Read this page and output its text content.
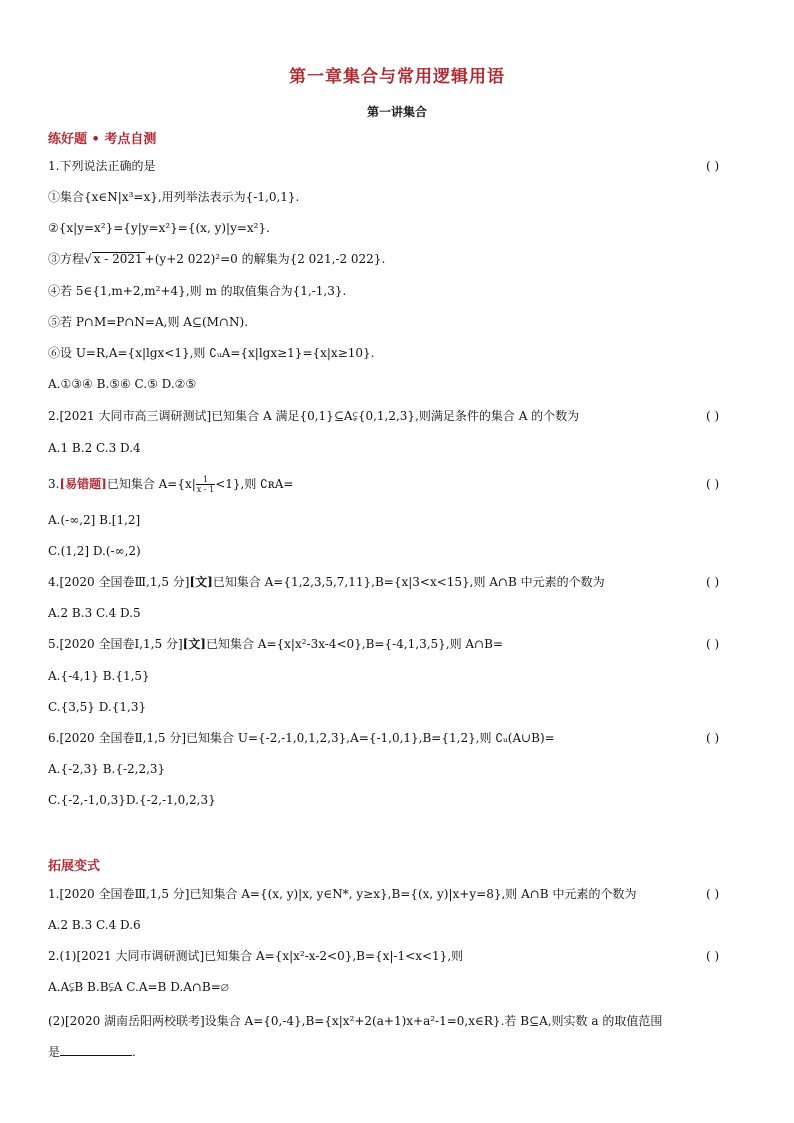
第一章集合与常用逻辑用语
第一讲集合
练好题 • 考点自测
1.下列说法正确的是	( )
①集合{x∈N|x³=x},用列举法表示为{-1,0,1}.
②{x|y=x²}={y|y=x²}={(x, y)|y=x²}.
③方程√ x - 2021 +(y+2 022)²=0 的解集为{2 021,-2 022}.
④若 5∈{1,m+2,m²+4},则 m 的取值集合为{1,-1,3}.
⑤若 P∩M=P∩N=A,则 A⊆(M∩N).
⑥设 U=R,A={x|lgx<1},则 ∁ᵤA={x|lgx≥1}={x|x≥10}.
A.①③④ B.⑤⑥ C.⑤ D.②⑤
2.[2021 大同市高三调研测试]已知集合 A 满足{0,1}⊆A⫋{0,1,2,3},则满足条件的集合 A 的个数为	( )
A.1 B.2 C.3 D.4
3.[易错题]已知集合 $A=\{x| \frac{1}{x - 1} <1\}$,则 ∁ʀA=	( )
A.(-∞,2] B.[1,2]
C.(1,2] D.(-∞,2)
4.[2020 全国卷Ⅲ,1,5 分][文]已知集合 A={1,2,3,5,7,11},B={x|3<x<15},则 A∩B 中元素的个数为	( )
A.2 B.3 C.4 D.5
5.[2020 全国卷Ⅰ,1,5 分][文]已知集合 A={x|x²-3x-4<0},B={-4,1,3,5},则 A∩B=	( )
A.{-4,1} B.{1,5}
C.{3,5} D.{1,3}
6.[2020 全国卷Ⅱ,1,5 分]已知集合 U={-2,-1,0,1,2,3},A={-1,0,1},B={1,2},则 ∁ᵤ(A∪B)=	( )
A.{-2,3} B.{-2,2,3}
C.{-2,-1,0,3}D.{-2,-1,0,2,3}
拓展变式
1.[2020 全国卷Ⅲ,1,5 分]已知集合 A={(x, y)|x, y∈N*, y≥x},B={(x, y)|x+y=8},则 A∩B 中元素的个数为	( )
A.2 B.3 C.4 D.6
2.(1)[2021 大同市调研测试]已知集合 A={x|x²-x-2<0},B={x|-1<x<1},则	( )
A.A⫋B B.B⫋A C.A=B D.A∩B=∅
(2)[2020 湖南岳阳两校联考]设集合 A={0,-4},B={x|x²+2(a+1)x+a²-1=0,x∈R}.若 B⊆A,则实数 a 的取值范围
是	.
